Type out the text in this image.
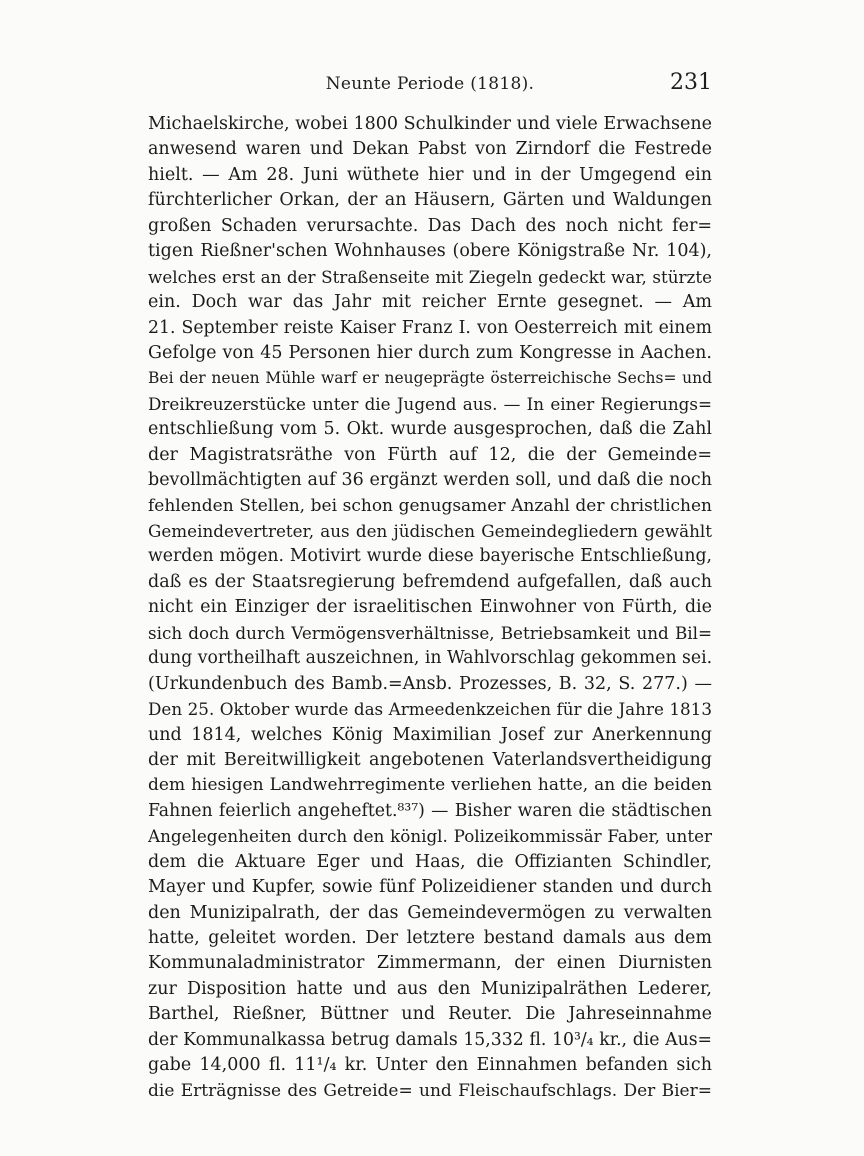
Neunte Periode (1818).	231
Michaelskirche, wobei 1800 Schulkinder und viele Erwachsene
anwesend waren und Dekan Pabst von Zirndorf die Festrede
hielt. — Am 28. Juni wüthete hier und in der Umgegend ein
fürchterlicher Orkan, der an Häusern, Gärten und Waldungen
großen Schaden verursachte. Das Dach des noch nicht fer=
tigen Rießner'schen Wohnhauses (obere Königstraße Nr. 104),
welches erst an der Straßenseite mit Ziegeln gedeckt war, stürzte
ein. Doch war das Jahr mit reicher Ernte gesegnet. — Am
21. September reiste Kaiser Franz I. von Oesterreich mit einem
Gefolge von 45 Personen hier durch zum Kongresse in Aachen.
Bei der neuen Mühle warf er neugeprägte österreichische Sechs= und
Dreikreuzerstücke unter die Jugend aus. — In einer Regierungs=
entschließung vom 5. Okt. wurde ausgesprochen, daß die Zahl
der Magistratsräthe von Fürth auf 12, die der Gemeinde=
bevollmächtigten auf 36 ergänzt werden soll, und daß die noch
fehlenden Stellen, bei schon genugsamer Anzahl der christlichen
Gemeindevertreter, aus den jüdischen Gemeindegliedern gewählt
werden mögen. Motivirt wurde diese bayerische Entschließung,
daß es der Staatsregierung befremdend aufgefallen, daß auch
nicht ein Einziger der israelitischen Einwohner von Fürth, die
sich doch durch Vermögensverhältnisse, Betriebsamkeit und Bil=
dung vortheilhaft auszeichnen, in Wahlvorschlag gekommen sei.
(Urkundenbuch des Bamb.=Ansb. Prozesses, B. 32, S. 277.) —
Den 25. Oktober wurde das Armeedenkzeichen für die Jahre 1813
und 1814, welches König Maximilian Josef zur Anerkennung
der mit Bereitwilligkeit angebotenen Vaterlandsvertheidigung
dem hiesigen Landwehrregimente verliehen hatte, an die beiden
Fahnen feierlich angeheftet.⁸³⁷) — Bisher waren die städtischen
Angelegenheiten durch den königl. Polizeikommissär Faber, unter
dem die Aktuare Eger und Haas, die Offizianten Schindler,
Mayer und Kupfer, sowie fünf Polizeidiener standen und durch
den Munizipalrath, der das Gemeindevermögen zu verwalten
hatte, geleitet worden. Der letztere bestand damals aus dem
Kommunaladministrator Zimmermann, der einen Diurnisten
zur Disposition hatte und aus den Munizipalräthen Lederer,
Barthel, Rießner, Büttner und Reuter. Die Jahreseinnahme
der Kommunalkassa betrug damals 15,332 fl. 10³/₄ kr., die Aus=
gabe 14,000 fl. 11¹/₄ kr. Unter den Einnahmen befanden sich
die Erträgnisse des Getreide= und Fleischaufschlags. Der Bier=
